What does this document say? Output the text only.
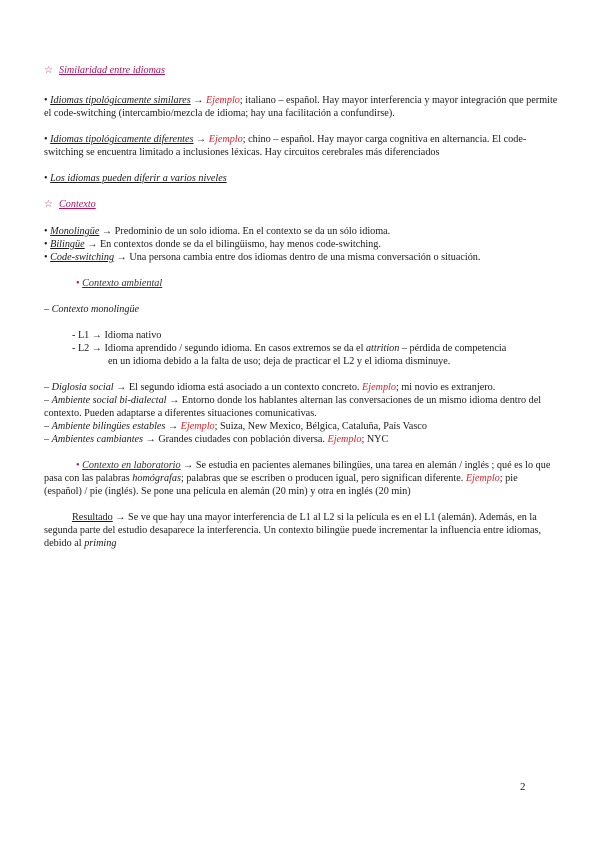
☆ Similaridad entre idiomas

• Idiomas tipológicamente similares → Ejemplo; italiano – español. Hay mayor interferencia y mayor integración que permite el code-switching (intercambio/mezcla de idioma; hay una facilitación a confundirse).

• Idiomas tipológicamente diferentes → Ejemplo; chino – español. Hay mayor carga cognitiva en alternancia. El code-switching se encuentra limitado a inclusiones léxicas. Hay circuitos cerebrales más diferenciados

• Los idiomas pueden diferir a varios niveles

☆ Contexto
• Monolingüe → Predominio de un solo idioma. En el contexto se da un sólo idioma.
• Bilingüe → En contextos donde se da el bilingüismo, hay menos code-switching.
• Code-switching → Una persona cambia entre dos idiomas dentro de una misma conversación o situación.
• Contexto ambiental
– Contexto monolingüe
- L1 → Idioma nativo
- L2 → Idioma aprendido / segundo idioma. En casos extremos se da el attrition – pérdida de competencia
en un idioma debido a la falta de uso; deja de practicar el L2 y el idioma disminuye.
– Diglosia social → El segundo idioma está asociado a un contexto concreto. Ejemplo; mi novio es extranjero.
– Ambiente social bi-dialectal → Entorno donde los hablantes alternan las conversaciones de un mismo idioma dentro del contexto. Pueden adaptarse a diferentes situaciones comunicativas.
– Ambiente bilingües estables → Ejemplo; Suiza, New Mexico, Bélgica, Cataluña, País Vasco
– Ambientes cambiantes → Grandes ciudades con población diversa. Ejemplo; NYC

• Contexto en laboratorio → Se estudia en pacientes alemanes bilingües, una tarea en alemán / inglés ; qué es lo que pasa con las palabras homógrafas; palabras que se escriben o producen igual, pero significan diferente. Ejemplo; pie (español) / pie (inglés). Se pone una película en alemán (20 min) y otra en inglés (20 min)

Resultado → Se ve que hay una mayor interferencia de L1 al L2 si la película es en el L1 (alemán). Además, en la segunda parte del estudio desaparece la interferencia. Un contexto bilingüe puede incrementar la influencia entre idiomas, debido al priming

2
